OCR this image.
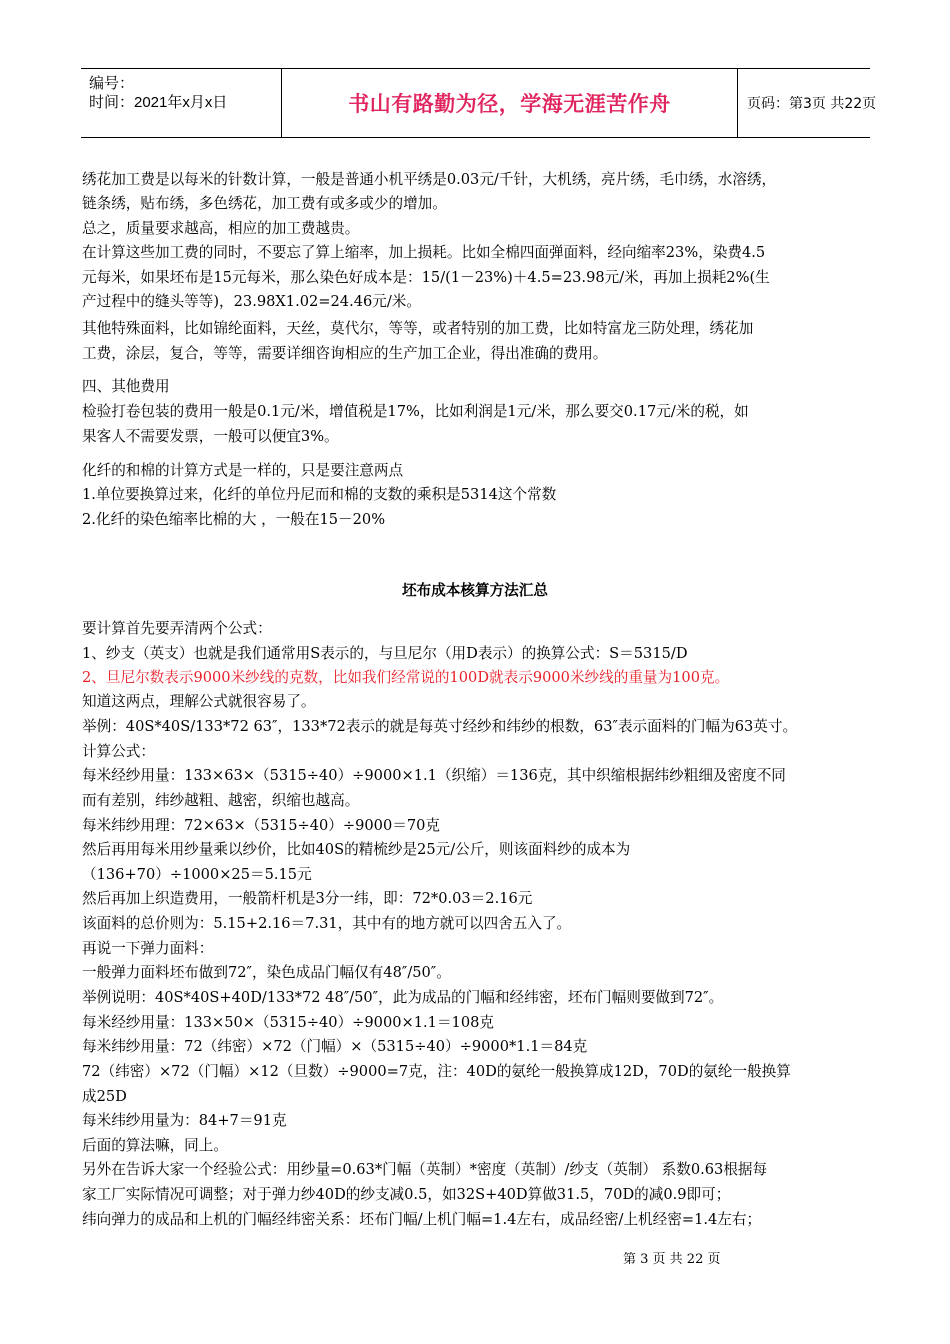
编号：
时间：2021年x月x日	书山有路勤为径，学海无涯苦作舟	页码：第3页 共22页
绣花加工费是以每米的针数计算，一般是普通小机平绣是0.03元/千针，大机绣，亮片绣，毛巾绣，水溶绣，
链条绣，贴布绣，多色绣花，加工费有或多或少的增加。
总之，质量要求越高，相应的加工费越贵。
在计算这些加工费的同时，不要忘了算上缩率，加上损耗。比如全棉四面弹面料，经向缩率23%，染费4.5
元每米，如果坯布是15元每米，那么染色好成本是：15/(1－23%)＋4.5=23.98元/米，再加上损耗2%(生
产过程中的缝头等等)，23.98X1.02=24.46元/米。
其他特殊面料，比如锦纶面料，天丝，莫代尔，等等，或者特别的加工费，比如特富龙三防处理，绣花加
工费，涂层，复合，等等，需要详细咨询相应的生产加工企业，得出准确的费用。
四、其他费用
检验打卷包装的费用一般是0.1元/米，增值税是17%，比如利润是1元/米，那么要交0.17元/米的税，如
果客人不需要发票，一般可以便宜3%。
化纤的和棉的计算方式是一样的，只是要注意两点
1.单位要换算过来，化纤的单位丹尼而和棉的支数的乘积是5314这个常数
2.化纤的染色缩率比棉的大 ，一般在15－20%
坯布成本核算方法汇总
要计算首先要弄清两个公式：
1、纱支（英支）也就是我们通常用S表示的，与旦尼尔（用D表示）的换算公式：S＝5315/D
2、旦尼尔数表示9000米纱线的克数，比如我们经常说的100D就表示9000米纱线的重量为100克。
知道这两点，理解公式就很容易了。
举例：40S*40S/133*72 63″，133*72表示的就是每英寸经纱和纬纱的根数，63″表示面料的门幅为63英寸。
计算公式：
每米经纱用量：133×63×（5315÷40）÷9000×1.1（织缩）＝136克，其中织缩根据纬纱粗细及密度不同
而有差别，纬纱越粗、越密，织缩也越高。
每米纬纱用理：72×63×（5315÷40）÷9000＝70克
然后再用每米用纱量乘以纱价，比如40S的精梳纱是25元/公斤，则该面料纱的成本为
（136+70）÷1000×25＝5.15元
然后再加上织造费用，一般箭杆机是3分一纬，即：72*0.03＝2.16元
该面料的总价则为：5.15+2.16＝7.31，其中有的地方就可以四舍五入了。
再说一下弹力面料：
一般弹力面料坯布做到72″，染色成品门幅仅有48″/50″。
举例说明：40S*40S+40D/133*72 48″/50″，此为成品的门幅和经纬密，坯布门幅则要做到72″。
每米经纱用量：133×50×（5315÷40）÷9000×1.1＝108克
每米纬纱用量：72（纬密）×72（门幅）×（5315÷40）÷9000*1.1＝84克
72（纬密）×72（门幅）×12（旦数）÷9000=7克，注：40D的氨纶一般换算成12D，70D的氨纶一般换算
成25D
每米纬纱用量为：84+7＝91克
后面的算法嘛，同上。
另外在告诉大家一个经验公式：用纱量=0.63*门幅（英制）*密度（英制）/纱支（英制） 系数0.63根据每
家工厂实际情况可调整；对于弹力纱40D的纱支减0.5，如32S+40D算做31.5，70D的减0.9即可；
纬向弹力的成品和上机的门幅经纬密关系：坯布门幅/上机门幅=1.4左右，成品经密/上机经密=1.4左右；
第 3 页 共 22 页
